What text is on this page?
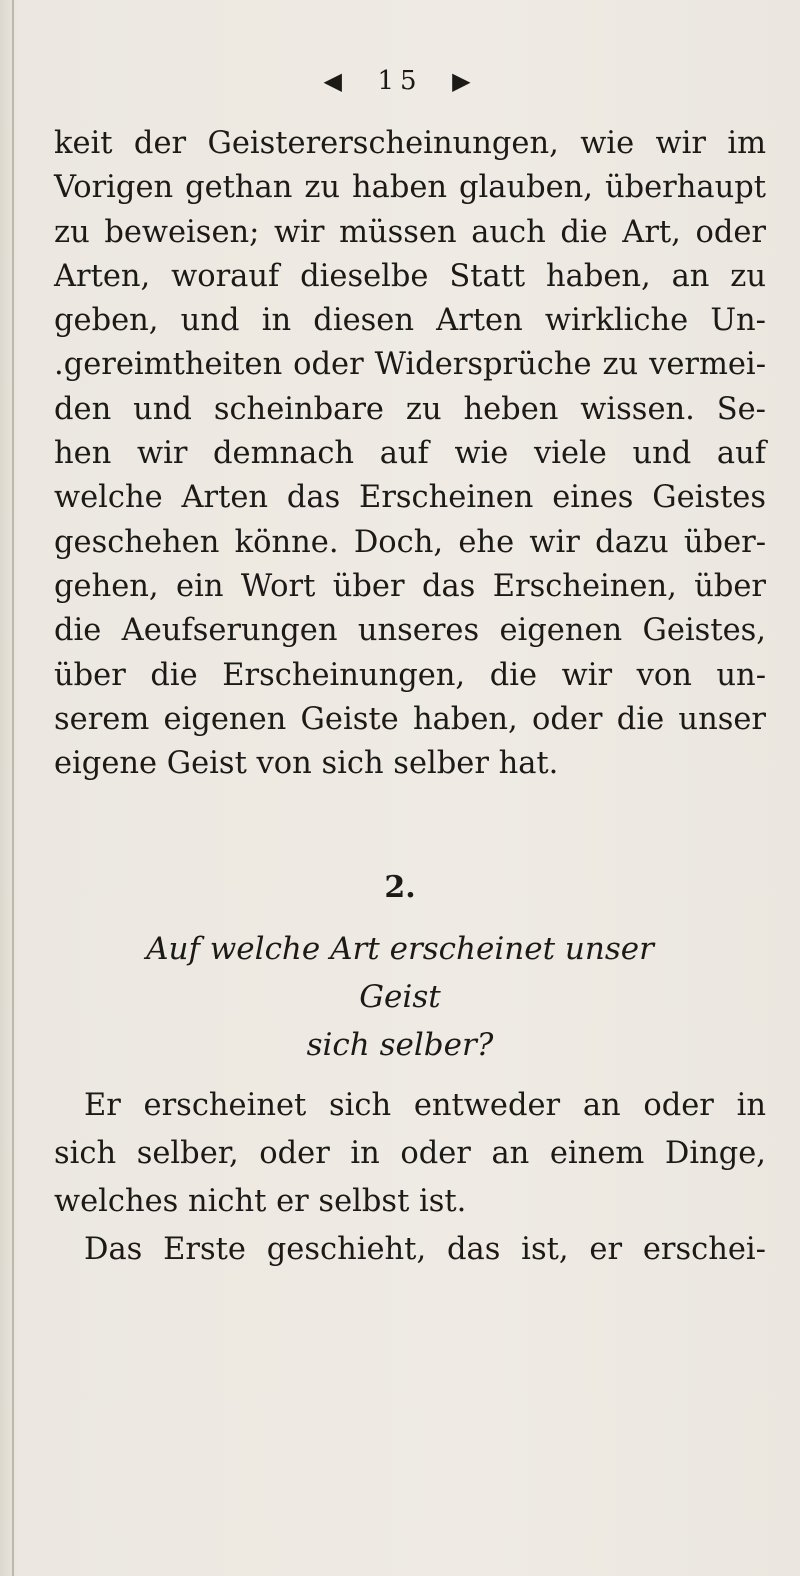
◀ 15 ▶
keit der Geistererscheinungen, wie wir im
Vorigen gethan zu haben glauben, überhaupt
zu beweisen; wir müssen auch die Art, oder
Arten, worauf dieselbe Statt haben, an zu
geben, und in diesen Arten wirkliche Un-
.gereimtheiten oder Widersprüche zu vermei-
den und scheinbare zu heben wissen. Se-
hen wir demnach auf wie viele und auf
welche Arten das Erscheinen eines Geistes
geschehen könne. Doch, ehe wir dazu über-
gehen, ein Wort über das Erscheinen, über
die Aeufserungen unseres eigenen Geistes,
über die Erscheinungen, die wir von un-
serem eigenen Geiste haben, oder die unser
eigene Geist von sich selber hat.
2.
Auf welche Art erscheinet unser Geist
sich selber?
Er erscheinet sich entweder an oder in
sich selber, oder in oder an einem Dinge,
welches nicht er selbst ist.
Das Erste geschieht, das ist, er erschei-
